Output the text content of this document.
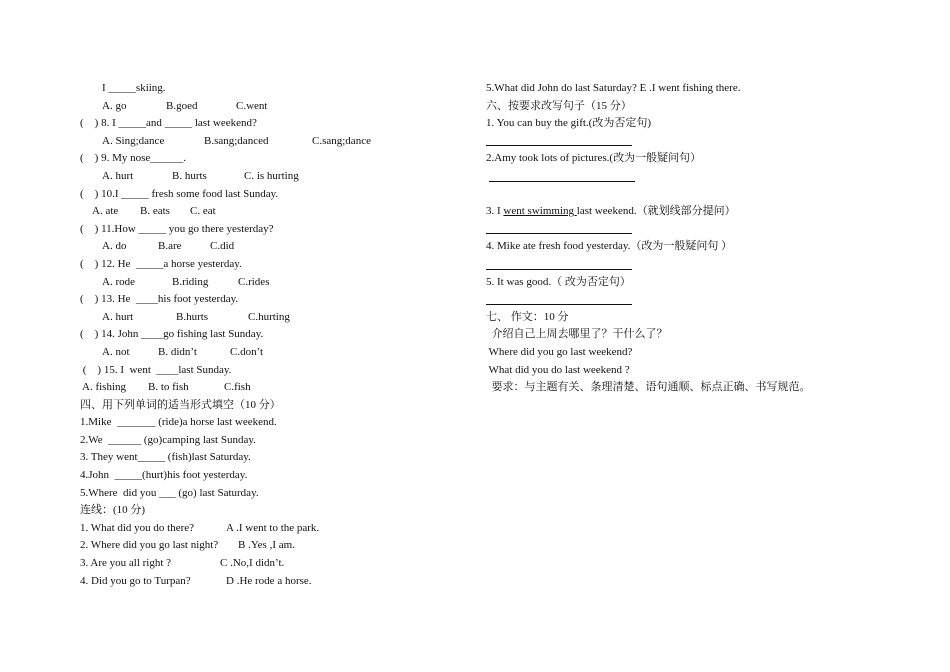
I _____skiing.
A. go	B.goed	C.went
(    ) 8. I _____and _____ last weekend?
A. Sing;dance	B.sang;danced	C.sang;dance
(    ) 9. My nose______.
A. hurt	B. hurts	C. is hurting
(    ) 10.I _____ fresh some food last Sunday.
A. ate B. eats C. eat
(    ) 11.How _____ you go there yesterday?
A. do	B.are	C.did
(    ) 12. He  _____a horse yesterday.
A. rode	B.riding	C.rides
(    ) 13. He  ____his foot yesterday.
A. hurt	B.hurts	C.hurting
(    ) 14. John ____go fishing last Sunday.
A. not	B. didn’t	C.don’t
(    ) 15. I  went  ____last Sunday.
A. fishing B. to fish	C.fish
四、用下列单词的适当形式填空（10 分）
1.Mike  _______ (ride)a horse last weekend.
2.We  ______ (go)camping last Sunday.
3. They went_____ (fish)last Saturday.
4.John  _____(hurt)his foot yesterday.
5.Where  did you ___ (go) last Saturday.
连线：(10 分)
1. What did you do there?	A .I went to the park.
2. Where did you go last night? B .Yes ,I am.
3. Are you all right ?	C .No,I didn’t.
4. Did you go to Turpan?	D .He rode a horse.
5.What did John do last Saturday? E .I went fishing there.
六、按要求改写句子（15 分）
1. You can buy the gift.(改为否定句)
2.Amy took lots of pictures.(改为一般疑问句）
3. I went swimming last weekend.（就划线部分提问）
4. Mike ate fresh food yesterday.（改为一般疑问句 ）
5. It was good.（ 改为否定句）
七、 作文：10 分
介绍自己上周去哪里了？干什么了？
Where did you go last weekend?
What did you do last weekend ?
要求：与主题有关、条理清楚、语句通顺、标点正确、书写规范。
